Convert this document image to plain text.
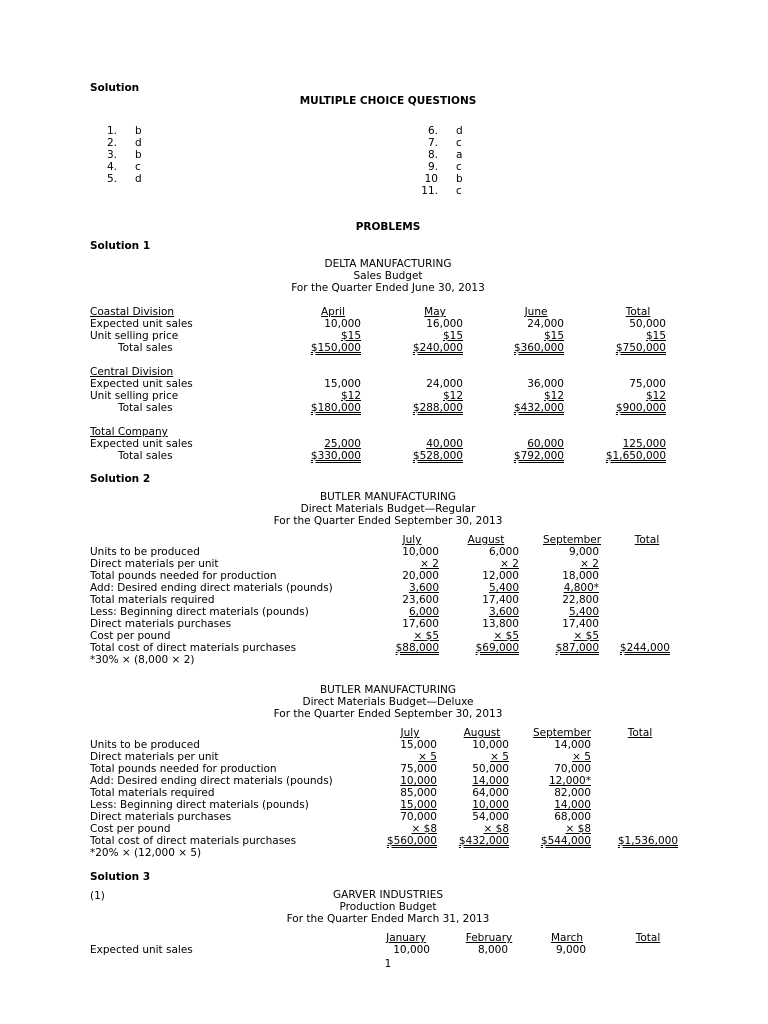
Solution
MULTIPLE CHOICE QUESTIONS
1. b
2. d
3. b
4. c
5. d
6. d
7. c
8. a
9. c
10 b
11. c
PROBLEMS
Solution 1
DELTA MANUFACTURING
Sales Budget
For the Quarter Ended June 30, 2013
April	May	June	Total
Coastal Division
Expected unit sales	10,000	16,000	24,000	50,000
Unit selling price	$15	$15	$15	$15
Total sales	$150,000	$240,000	$360,000	$750,000
Central Division
Expected unit sales	15,000	24,000	36,000	75,000
Unit selling price	$12	$12	$12	$12
Total sales	$180,000	$288,000	$432,000	$900,000
Total Company
Expected unit sales	25,000	40,000	60,000	125,000
Total sales	$330,000	$528,000	$792,000	$1,650,000
Solution 2
BUTLER MANUFACTURING
Direct Materials Budget—Regular
For the Quarter Ended September 30, 2013
July	August	September	Total
Units to be produced	10,000	6,000	9,000
Direct materials per unit	× 2	× 2	× 2
Total pounds needed for production	20,000	12,000	18,000
Add: Desired ending direct materials (pounds)	3,600	5,400	4,800*
Total materials required	23,600	17,400	22,800
Less: Beginning direct materials (pounds)	6,000	3,600	5,400
Direct materials purchases	17,600	13,800	17,400
Cost per pound	× $5	× $5	× $5
Total cost of direct materials purchases	$88,000	$69,000	$87,000 $244,000
*30% × (8,000 × 2)
BUTLER MANUFACTURING
Direct Materials Budget—Deluxe
For the Quarter Ended September 30, 2013
July	August	September	Total
Units to be produced	15,000	10,000	14,000
Direct materials per unit	× 5	× 5	× 5
Total pounds needed for production	75,000	50,000	70,000
Add: Desired ending direct materials (pounds)	10,000	14,000	12,000*
Total materials required	85,000	64,000	82,000
Less: Beginning direct materials (pounds)	15,000	10,000	14,000
Direct materials purchases	70,000	54,000	68,000
Cost per pound	× $8	× $8	× $8
Total cost of direct materials purchases	$560,000 $432,000	$544,000	$1,536,000
*20% × (12,000 × 5)
Solution 3
(1)	GARVER INDUSTRIES
Production Budget
For the Quarter Ended March 31, 2013
January	February	March	Total
Expected unit sales	10,000	8,000	9,000
1
